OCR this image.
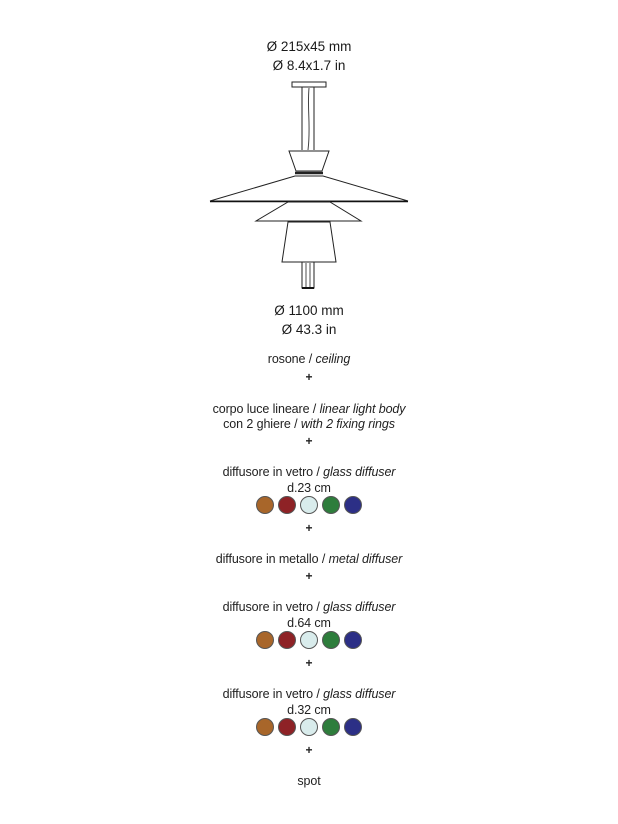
Ø 215x45 mm
Ø 8.4x1.7 in
Ø 1100 mm
Ø 43.3 in
rosone / ceiling
+
corpo luce lineare / linear light body
con 2 ghiere / with 2 fixing rings
+
diffusore in vetro / glass diffuser
d.23 cm
+
diffusore in metallo / metal diffuser
+
diffusore in vetro / glass diffuser
d.64 cm
+
diffusore in vetro / glass diffuser
d.32 cm
+
spot
